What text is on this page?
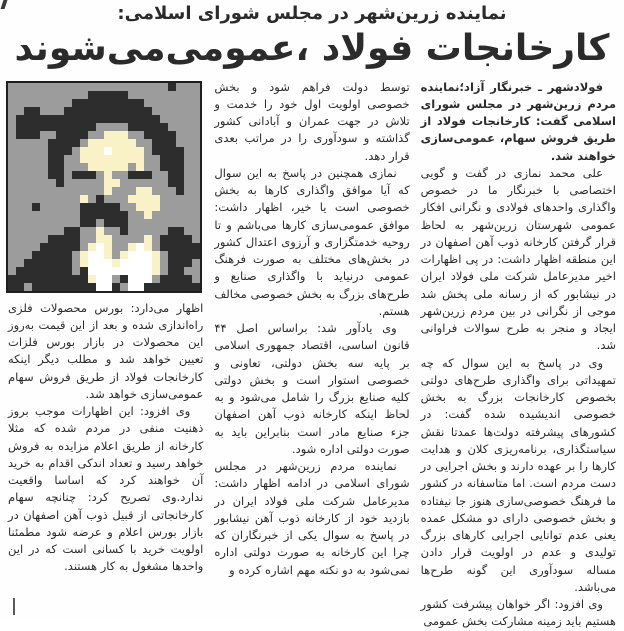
نماینده زرین‌شهر در مجلس شورای اسلامی:
کارخانجات فولاد ،عمومی‌می‌شوند

فولادشهر ـ خبرنگار آزاد؛نماینده مردم زرین‌شهر در مجلس شورای اسلامی گفت: کارخانجات فولاد از طریق فروش سهام، عمومی‌سازی خواهند شد.

علی محمد نمازی در گفت و گویی اختصاصی با خبرنگار ما در خصوص واگذاری واحدهای فولادی و نگرانی افکار عمومی شهرستان زرین‌شهر به لحاظ قرار گرفتن کارخانه ذوب آهن اصفهان در این منطقه اظهار داشت: در پی اظهارات اخیر مدیرعامل شرکت ملی فولاد ایران در نیشابور که از رسانه ملی پخش شد موجی از نگرانی در بین مردم زرین‌شهر ایجاد و منجر به طرح سوالات فراوانی شد.

وی در پاسخ به این سوال که چه تمهیداتی برای واگذاری طرح‌های دولتی بخصوص کارخانجات بزرگ به بخش خصوصی اندیشیده شده گفت: در کشورهای پیشرفته دولت‌ها عمدتا نقش سیاستگذاری، برنامه‌ریزی کلان و هدایت کارها را بر عهده دارند و بخش اجرایی در دست مردم است. اما متاسفانه در کشور ما فرهنگ خصوصی‌سازی هنوز جا نیفتاده و بخش خصوصی دارای دو مشکل عمده یعنی عدم توانایی اجرایی کارهای بزرگ تولیدی و عدم در اولویت قرار دادن مساله سودآوری این گونه طرح‌ها می‌باشد.

وی افزود: اگر خواهان پیشرفت کشور هستیم باید زمینه مشارکت بخش عمومی

توسط دولت فراهم شود و بخش خصوصی اولویت اول خود را خدمت و تلاش در جهت عمران و آبادانی کشور گذاشته و سودآوری را در مراتب بعدی قرار دهد.

نمازی همچنین در پاسخ به این سوال که آیا موافق واگذاری کارها به بخش خصوصی است یا خیر، اظهار داشت: موافق عمومی‌سازی کارها می‌باشم و تا روحیه خدمتگزاری و آرزوی اعتدال کشور در بخش‌های مختلف به صورت فرهنگ عمومی درنیاید با واگذاری صنایع و طرح‌های بزرگ به بخش خصوصی مخالف هستم.

وی یادآور شد: براساس اصل ۴۴ قانون اساسی، اقتصاد جمهوری اسلامی بر پایه سه بخش دولتی، تعاونی و خصوصی استوار است و بخش دولتی کلیه صنایع بزرگ را شامل می‌شود و به لحاظ اینکه کارخانه ذوب آهن اصفهان جزء صنایع مادر است بنابراین باید به صورت دولتی اداره شود.

نماینده مردم زرین‌شهر در مجلس شورای اسلامی در ادامه اظهار داشت: مدیرعامل شرکت ملی فولاد ایران در بازدید خود از کارخانه ذوب آهن نیشابور در پاسخ به سوال یکی از خبرنگاران که چرا این کارخانه به صورت دولتی اداره نمی‌شود به دو نکته مهم اشاره کرده و

اظهار می‌دارد: بورس محصولات فلزی راه‌اندازی شده و بعد از این قیمت به‌روز این محصولات در بازار بورس فلزات تعیین خواهد شد و مطلب دیگر اینکه کارخانجات فولاد از طریق فروش سهام عمومی‌سازی خواهد شد.

وی افزود: این اظهارات موجب بروز ذهنیت منفی در مردم شده که مثلا کارخانه از طریق اعلام مزایده به فروش خواهد رسید و تعداد اندکی اقدام به خرید آن خواهند کرد که اساسا واقعیت ندارد.وی تصریح کرد: چنانچه سهام کارخانجاتی از قبیل ذوب آهن اصفهان در بازار بورس اعلام و عرضه شود مطمئنا اولویت خرید با کسانی است که در این واحدها مشغول به کار هستند.
